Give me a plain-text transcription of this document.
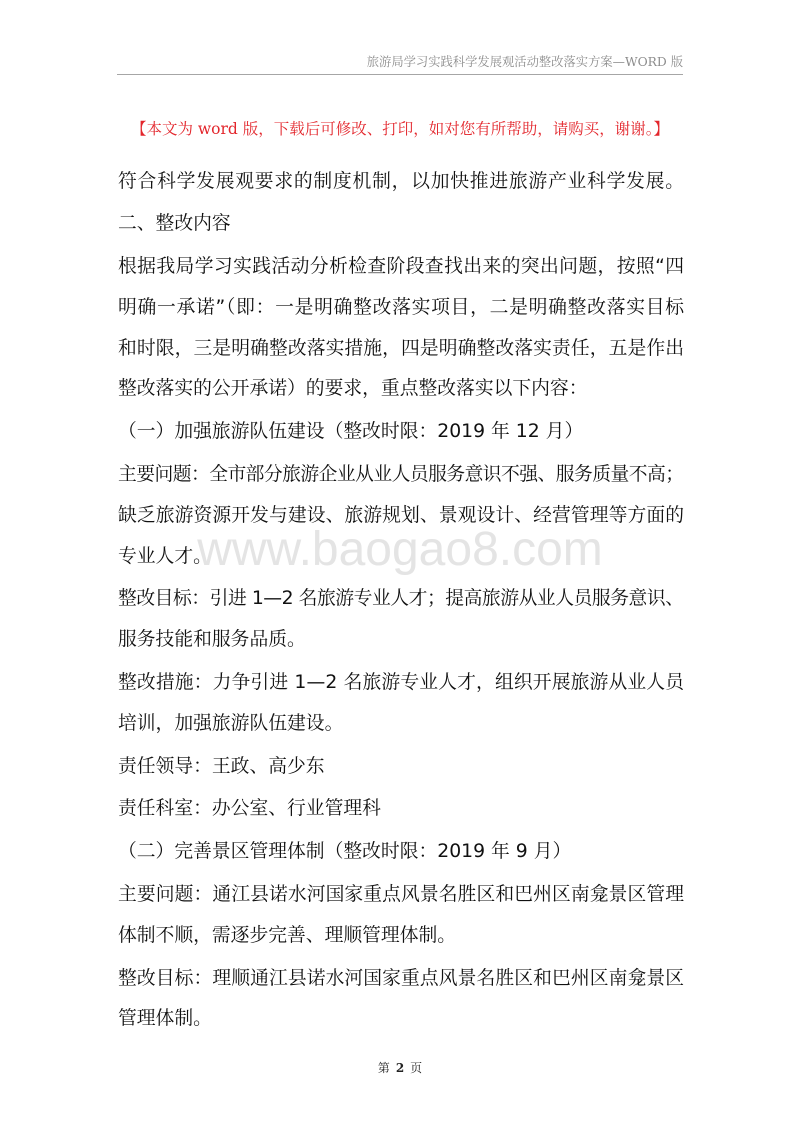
旅游局学习实践科学发展观活动整改落实方案—WORD 版
【本文为 word 版，下载后可修改、打印，如对您有所帮助，请购买，谢谢。】
www.baogao8.com
符合科学发展观要求的制度机制，以加快推进旅游产业科学发展。
二、整改内容
根据我局学习实践活动分析检查阶段查找出来的突出问题，按照“四
明确一承诺”（即：一是明确整改落实项目，二是明确整改落实目标
和时限，三是明确整改落实措施，四是明确整改落实责任，五是作出
整改落实的公开承诺）的要求，重点整改落实以下内容：
（一）加强旅游队伍建设（整改时限：2019 年 12 月）
主要问题：全市部分旅游企业从业人员服务意识不强、服务质量不高；
缺乏旅游资源开发与建设、旅游规划、景观设计、经营管理等方面的
专业人才。
整改目标：引进 1—2 名旅游专业人才；提高旅游从业人员服务意识、
服务技能和服务品质。
整改措施：力争引进 1—2 名旅游专业人才，组织开展旅游从业人员
培训，加强旅游队伍建设。
责任领导：王政、高少东
责任科室：办公室、行业管理科
（二）完善景区管理体制（整改时限：2019 年 9 月）
主要问题：通江县诺水河国家重点风景名胜区和巴州区南龛景区管理
体制不顺，需逐步完善、理顺管理体制。
整改目标：理顺通江县诺水河国家重点风景名胜区和巴州区南龛景区
管理体制。
第 2 页
